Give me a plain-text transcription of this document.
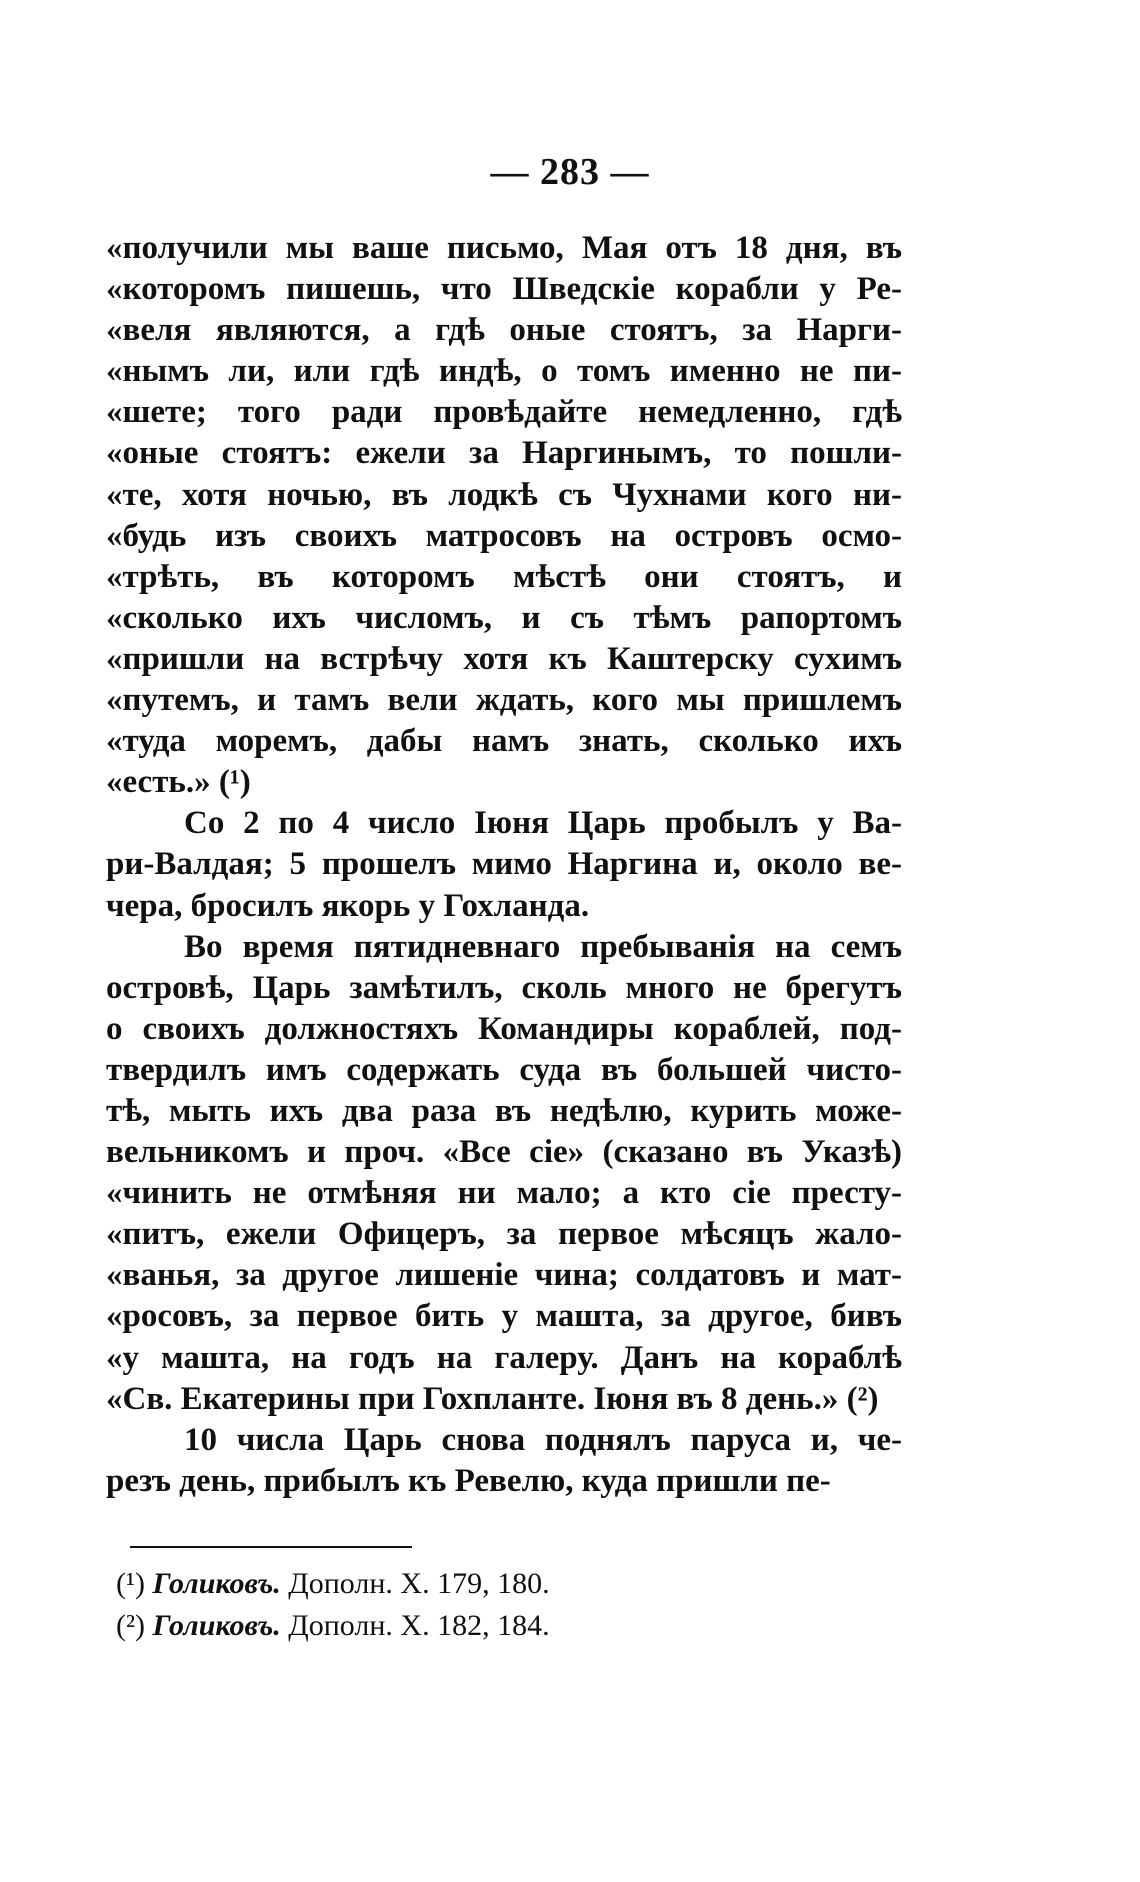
— 283 —
«получили мы ваше письмо, Мая отъ 18 дня, въ
«которомъ пишешь, что Шведскіе корабли у Ре-
«веля являются, а гдѣ оные стоятъ, за Нарги-
«нымъ ли, или гдѣ индѣ, о томъ именно не пи-
«шете; того ради провѣдайте немедленно, гдѣ
«оные стоятъ: ежели за Наргинымъ, то пошли-
«те, хотя ночью, въ лодкѣ съ Чухнами кого ни-
«будь изъ своихъ матросовъ на островъ осмо-
«трѣть, въ которомъ мѣстѣ они стоятъ, и
«сколько ихъ числомъ, и съ тѣмъ рапортомъ
«пришли на встрѣчу хотя къ Каштерску сухимъ
«путемъ, и тамъ вели ждать, кого мы пришлемъ
«туда моремъ, дабы намъ знать, сколько ихъ
«есть.» (¹)
Со 2 по 4 число Іюня Царь пробылъ у Ва-
ри-Валдая; 5 прошелъ мимо Наргина и, около ве-
чера, бросилъ якорь у Гохланда.
Во время пятидневнаго пребыванія на семъ
островѣ, Царь замѣтилъ, сколь много не брегутъ
о своихъ должностяхъ Командиры кораблей, под-
твердилъ имъ содержать суда въ большей чисто-
тѣ, мыть ихъ два раза въ недѣлю, курить може-
вельникомъ и проч. «Все сіе» (сказано въ Указѣ)
«чинить не отмѣняя ни мало; а кто сіе престу-
«питъ, ежели Офицеръ, за первое мѣсяцъ жало-
«ванья, за другое лишеніе чина; солдатовъ и мат-
«росовъ, за первое бить у машта, за другое, бивъ
«у машта, на годъ на галеру. Данъ на кораблѣ
«Св. Екатерины при Гохпланте. Іюня въ 8 день.» (²)
10 числа Царь снова поднялъ паруса и, че-
резъ день, прибылъ къ Ревелю, куда пришли пе-
(¹) Голиковъ. Дополн. X. 179, 180.
(²) Голиковъ. Дополн. X. 182, 184.
